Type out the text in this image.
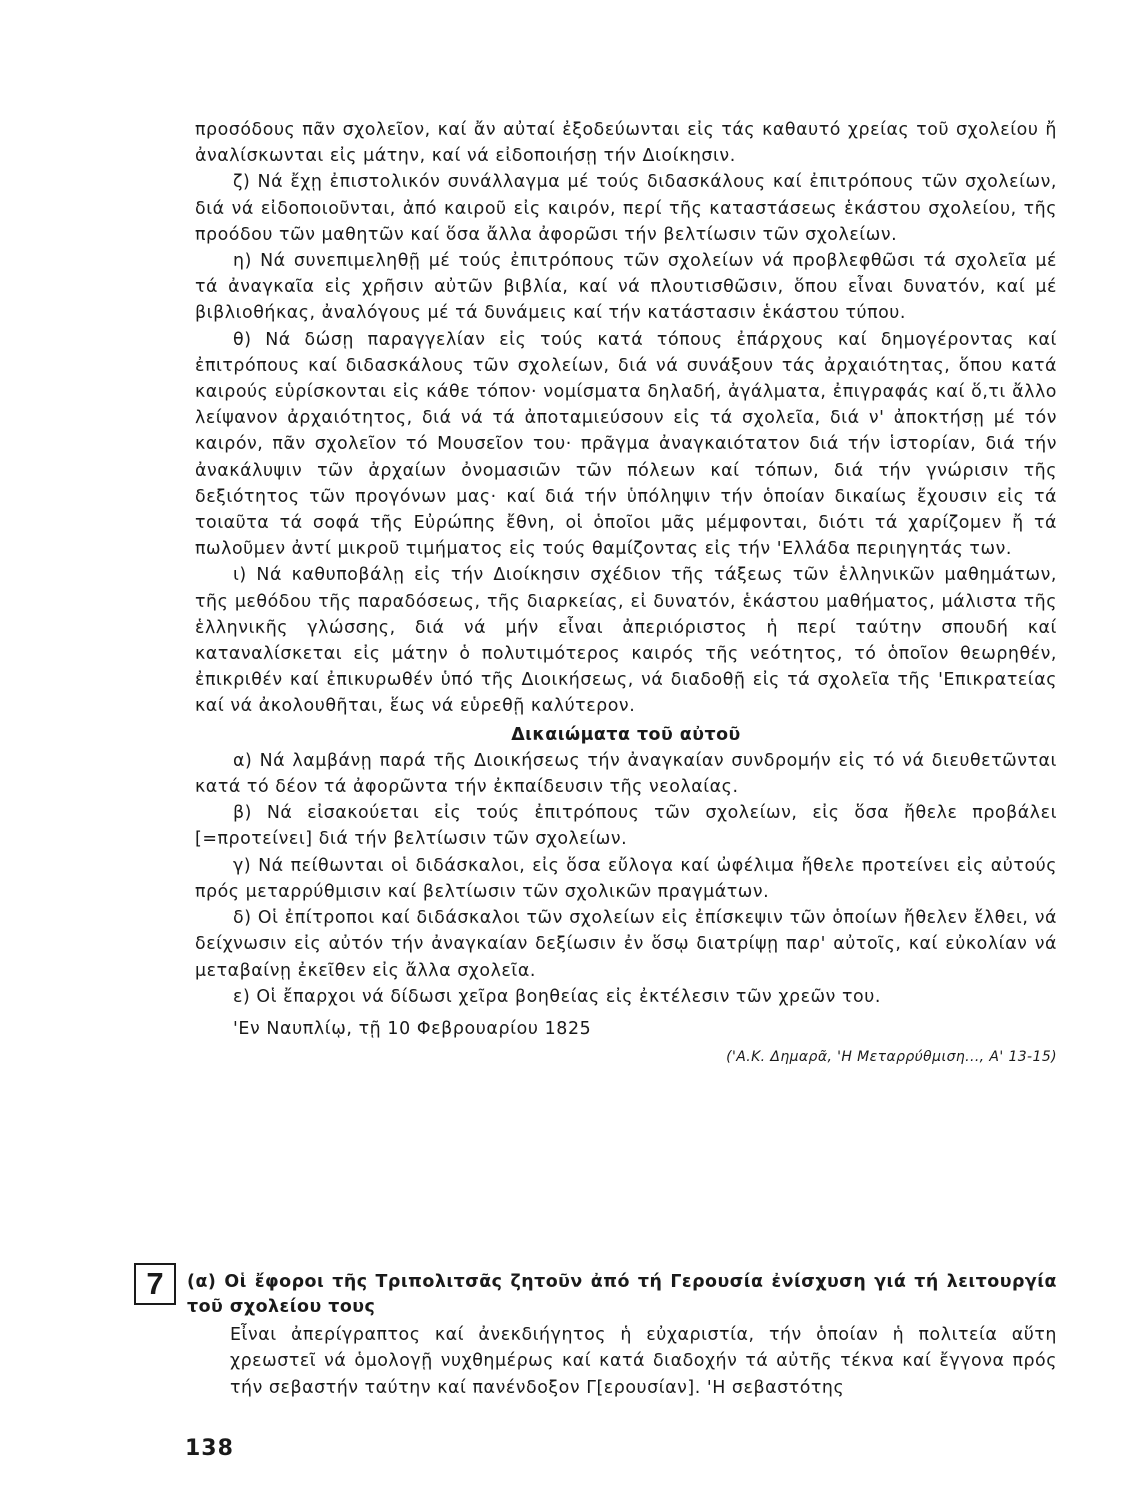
προσόδους πᾶν σχολεῖον, καί ἄν αὐταί ἐξοδεύωνται εἰς τάς καθαυτό χρείας τοῦ σχολείου ἤ ἀναλίσκωνται εἰς μάτην, καί νά εἰδοποιήσῃ τήν Διοίκησιν.

ζ) Νά ἔχῃ ἐπιστολικόν συνάλλαγμα μέ τούς διδασκάλους καί ἐπιτρόπους τῶν σχολείων, διά νά εἰδοποιοῦνται, ἀπό καιροῦ εἰς καιρόν, περί τῆς καταστάσεως ἑκάστου σχολείου, τῆς προόδου τῶν μαθητῶν καί ὅσα ἄλλα ἀφορῶσι τήν βελτίωσιν τῶν σχολείων.

η) Νά συνεπιμεληθῇ μέ τούς ἐπιτρόπους τῶν σχολείων νά προβλεφθῶσι τά σχολεῖα μέ τά ἀναγκαῖα εἰς χρῆσιν αὐτῶν βιβλία, καί νά πλουτισθῶσιν, ὅπου εἶναι δυνατόν, καί μέ βιβλιοθήκας, ἀναλόγους μέ τά δυνάμεις καί τήν κατάστασιν ἑκάστου τύπου.

θ) Νά δώσῃ παραγγελίαν εἰς τούς κατά τόπους ἐπάρχους καί δημογέροντας καί ἐπιτρόπους καί διδασκάλους τῶν σχολείων, διά νά συνάξουν τάς ἀρχαιότητας, ὅπου κατά καιρούς εὑρίσκονται εἰς κάθε τόπον· νομίσματα δηλαδή, ἀγάλματα, ἐπιγραφάς καί ὅ,τι ἄλλο λείψανον ἀρχαιότητος, διά νά τά ἀποταμιεύσουν εἰς τά σχολεῖα, διά ν' ἀποκτήσῃ μέ τόν καιρόν, πᾶν σχολεῖον τό Μουσεῖον του· πρᾶγμα ἀναγκαιότατον διά τήν ἱστορίαν, διά τήν ἀνακάλυψιν τῶν ἀρχαίων ὀνομασιῶν τῶν πόλεων καί τόπων, διά τήν γνώρισιν τῆς δεξιότητος τῶν προγόνων μας· καί διά τήν ὑπόληψιν τήν ὁποίαν δικαίως ἔχουσιν εἰς τά τοιαῦτα τά σοφά τῆς Εὐρώπης ἔθνη, οἱ ὁποῖοι μᾶς μέμφονται, διότι τά χαρίζομεν ἤ τά πωλοῦμεν ἀντί μικροῦ τιμήματος εἰς τούς θαμίζοντας εἰς τήν 'Ελλάδα περιηγητάς των.

ι) Νά καθυποβάλῃ εἰς τήν Διοίκησιν σχέδιον τῆς τάξεως τῶν ἑλληνικῶν μαθημάτων, τῆς μεθόδου τῆς παραδόσεως, τῆς διαρκείας, εἰ δυνατόν, ἑκάστου μαθήματος, μάλιστα τῆς ἑλληνικῆς γλώσσης, διά νά μήν εἶναι ἀπεριόριστος ἡ περί ταύτην σπουδή καί καταναλίσκεται εἰς μάτην ὁ πολυτιμότερος καιρός τῆς νεότητος, τό ὁποῖον θεωρηθέν, ἐπικριθέν καί ἐπικυρωθέν ὑπό τῆς Διοικήσεως, νά διαδοθῇ εἰς τά σχολεῖα τῆς 'Επικρατείας καί νά ἀκολουθῆται, ἕως νά εὑρεθῇ καλύτερον.

Δικαιώματα τοῦ αὐτοῦ

α) Νά λαμβάνῃ παρά τῆς Διοικήσεως τήν ἀναγκαίαν συνδρομήν εἰς τό νά διευθετῶνται κατά τό δέον τά ἀφορῶντα τήν ἐκπαίδευσιν τῆς νεολαίας.

β) Νά εἰσακούεται εἰς τούς ἐπιτρόπους τῶν σχολείων, εἰς ὅσα ἤθελε προβάλει [=προτείνει] διά τήν βελτίωσιν τῶν σχολείων.

γ) Νά πείθωνται οἱ διδάσκαλοι, εἰς ὅσα εὔλογα καί ὠφέλιμα ἤθελε προτείνει εἰς αὐτούς πρός μεταρρύθμισιν καί βελτίωσιν τῶν σχολικῶν πραγμάτων.

δ) Οἱ ἐπίτροποι καί διδάσκαλοι τῶν σχολείων εἰς ἐπίσκεψιν τῶν ὁποίων ἤθελεν ἔλθει, νά δείχνωσιν εἰς αὐτόν τήν ἀναγκαίαν δεξίωσιν ἐν ὅσῳ διατρίψῃ παρ' αὐτοῖς, καί εὐκολίαν νά μεταβαίνῃ ἐκεῖθεν εἰς ἄλλα σχολεῖα.

ε) Οἱ ἔπαρχοι νά δίδωσι χεῖρα βοηθείας εἰς ἐκτέλεσιν τῶν χρεῶν του.

'Εν Ναυπλίῳ, τῇ 10 Φεβρουαρίου 1825

('Α.Κ. Δημαρᾶ, 'Η Μεταρρύθμιση..., Α' 13-15)

7	(α) Οἱ ἔφοροι τῆς Τριπολιτσᾶς ζητοῦν ἀπό τή Γερουσία ἐνίσχυση γιά τή λειτουργία τοῦ σχολείου τους

Εἶναι ἀπερίγραπτος καί ἀνεκδιήγητος ἡ εὐχαριστία, τήν ὁποίαν ἡ πολιτεία αὕτη χρεωστεῖ νά ὁμολογῇ νυχθημέρως καί κατά διαδοχήν τά αὐτῆς τέκνα καί ἔγγονα πρός τήν σεβαστήν ταύτην καί πανένδοξον Γ[ερουσίαν]. 'Η σεβαστότης

138
